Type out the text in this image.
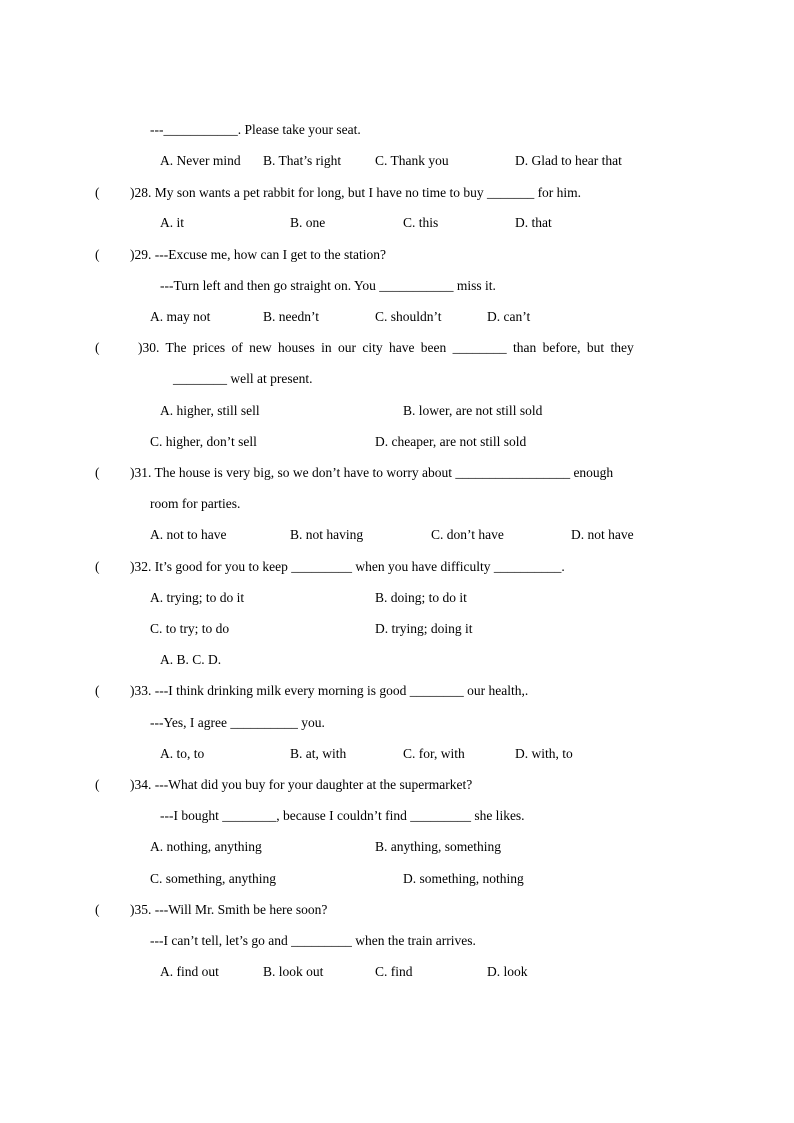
---___________. Please take your seat.
A. Never mind B. That’s right	C. Thank you	D. Glad to hear that
( )28. My son wants a pet rabbit for long, but I have no time to buy _______ for him.
A. it	B. one	C. this	D. that
( )29. ---Excuse me, how can I get to the station?
---Turn left and then go straight on. You ___________ miss it.
A. may not	B. needn’t	C. shouldn’t	D. can’t
(	)30. The prices of new houses in our city have been ________ than before, but they
________ well at present.
A. higher, still sell	B. lower, are not still sold
C. higher, don’t sell	D. cheaper, are not still sold
( )31. The house is very big, so we don’t have to worry about _________________ enough
room for parties.
A. not to have	B. not having	C. don’t have	D. not have
( )32. It’s good for you to keep _________ when you have difficulty __________.
A. trying; to do it	B. doing; to do it
C. to try; to do	D. trying; doing it
A. B. C. D.
( )33. ---I think drinking milk every morning is good ________ our health,.
---Yes, I agree __________ you.
A. to, to	B. at, with	C. for, with	D. with, to
( )34. ---What did you buy for your daughter at the supermarket?
---I bought ________, because I couldn’t find _________ she likes.
A. nothing, anything	B. anything, something
C. something, anything	D. something, nothing
( )35. ---Will Mr. Smith be here soon?
---I can’t tell, let’s go and _________ when the train arrives.
A. find out	B. look out	C. find	D. look
